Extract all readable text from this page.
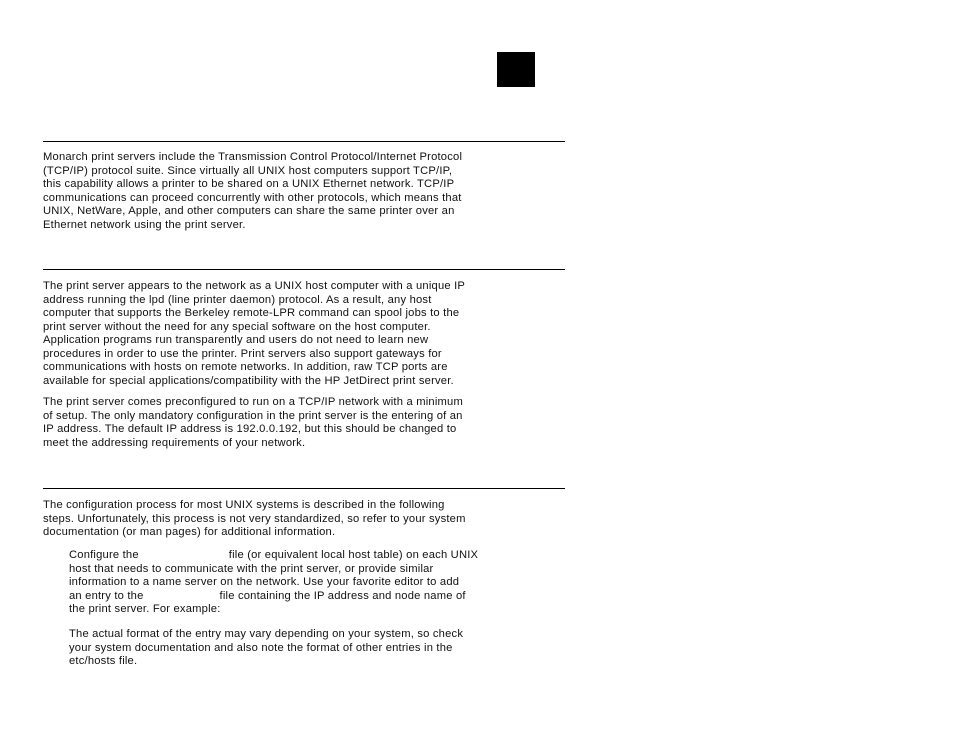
Monarch print servers include the Transmission Control Protocol/Internet Protocol
(TCP/IP) protocol suite. Since virtually all UNIX host computers support TCP/IP,
this capability allows a printer to be shared on a UNIX Ethernet network. TCP/IP
communications can proceed concurrently with other protocols, which means that
UNIX, NetWare, Apple, and other computers can share the same printer over an
Ethernet network using the print server.

The print server appears to the network as a UNIX host computer with a unique IP
address running the lpd (line printer daemon) protocol. As a result, any host
computer that supports the Berkeley remote-LPR command can spool jobs to the
print server without the need for any special software on the host computer.
Application programs run transparently and users do not need to learn new
procedures in order to use the printer. Print servers also support gateways for
communications with hosts on remote networks. In addition, raw TCP ports are
available for special applications/compatibility with the HP JetDirect print server.

The print server comes preconfigured to run on a TCP/IP network with a minimum
of setup. The only mandatory configuration in the print server is the entering of an
IP address. The default IP address is 192.0.0.192, but this should be changed to
meet the addressing requirements of your network.

The configuration process for most UNIX systems is described in the following
steps. Unfortunately, this process is not very standardized, so refer to your system
documentation (or man pages) for additional information.

Configure the	file (or equivalent local host table) on each UNIX
host that needs to communicate with the print server, or provide similar
information to a name server on the network. Use your favorite editor to add
an entry to the	file containing the IP address and node name of
the print server. For example:

The actual format of the entry may vary depending on your system, so check
your system documentation and also note the format of other entries in the
etc/hosts file.
